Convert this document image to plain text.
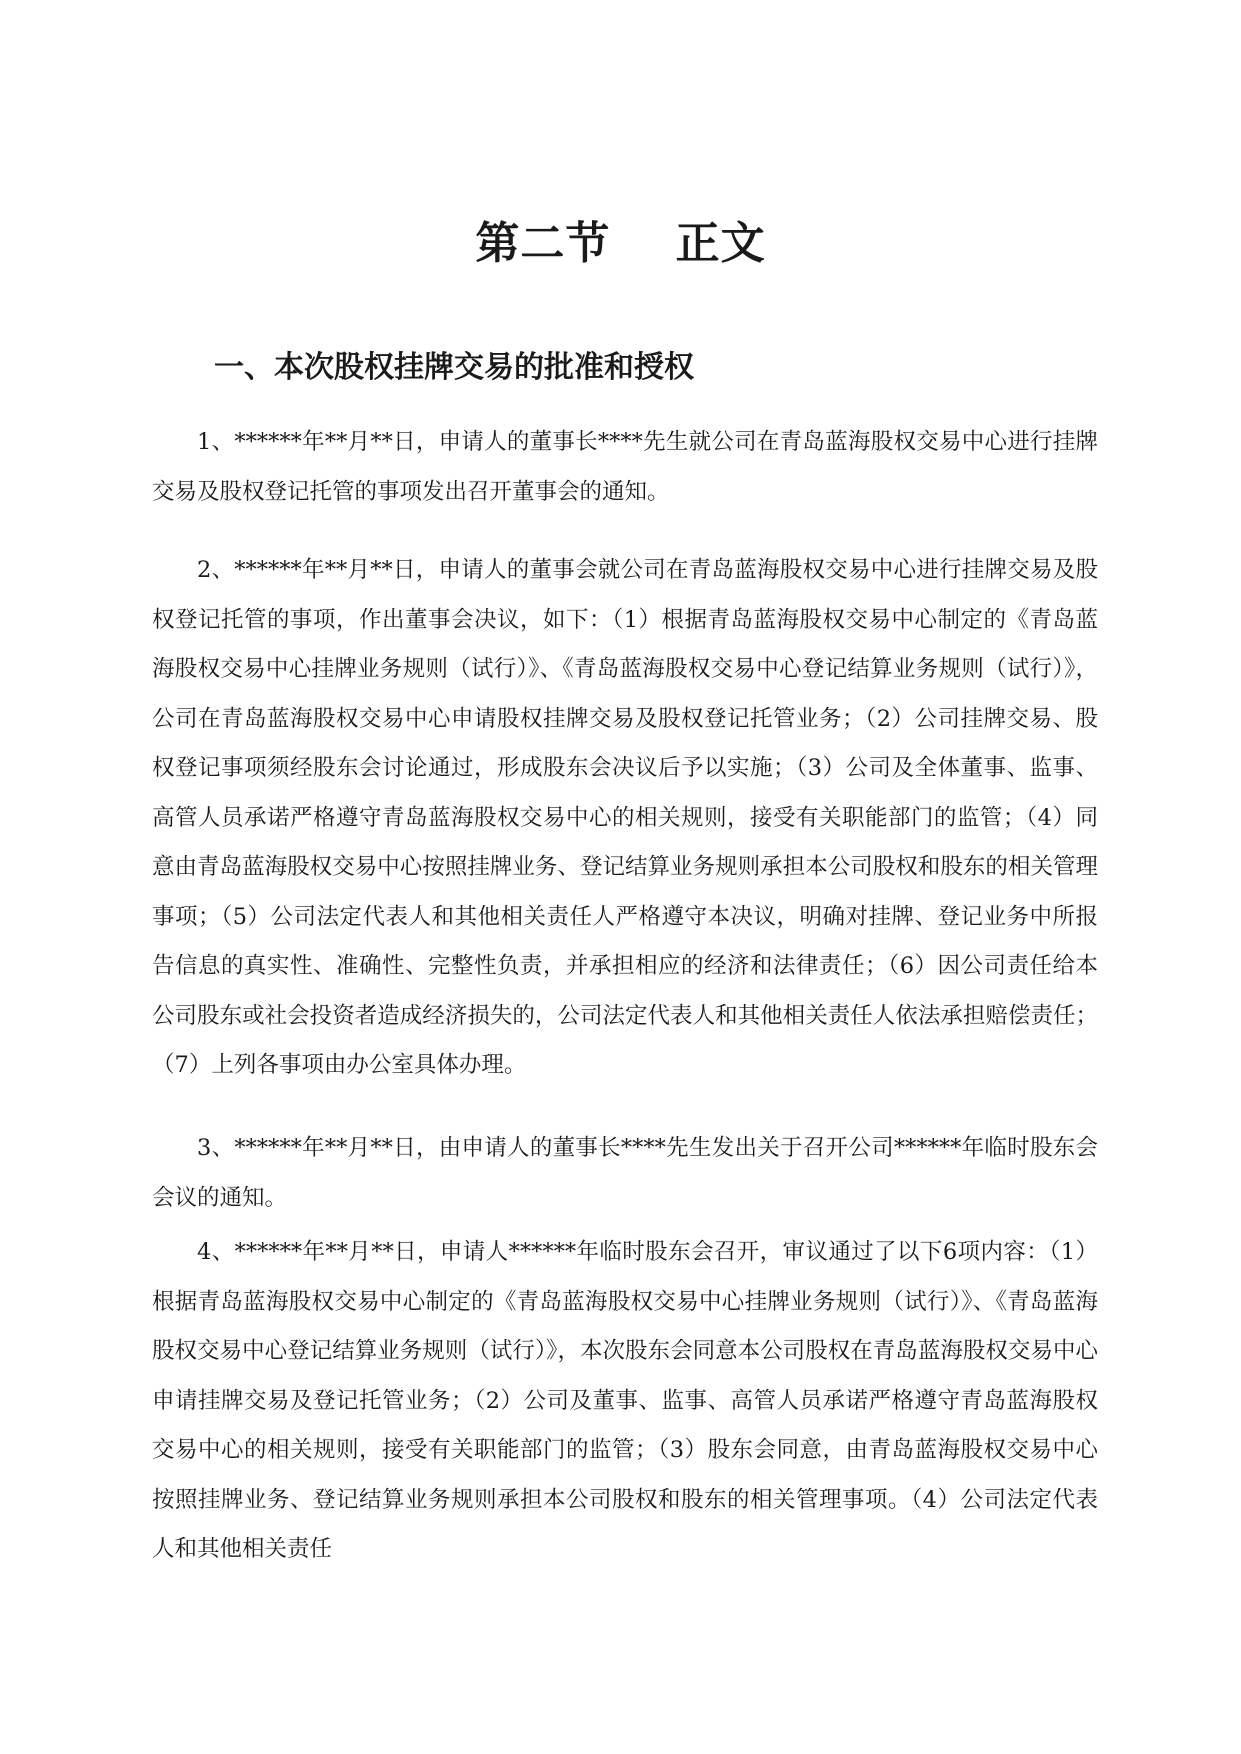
第二节    正文
一、本次股权挂牌交易的批准和授权

1、******年**月**日，申请人的董事长****先生就公司在青岛蓝海股权交易中心进行挂牌交易及股权登记托管的事项发出召开董事会的通知。

2、******年**月**日，申请人的董事会就公司在青岛蓝海股权交易中心进行挂牌交易及股权登记托管的事项，作出董事会决议，如下：（1）根据青岛蓝海股权交易中心制定的《青岛蓝海股权交易中心挂牌业务规则（试行）》、《青岛蓝海股权交易中心登记结算业务规则（试行）》，公司在青岛蓝海股权交易中心申请股权挂牌交易及股权登记托管业务；（2）公司挂牌交易、股权登记事项须经股东会讨论通过，形成股东会决议后予以实施；（3）公司及全体董事、监事、高管人员承诺严格遵守青岛蓝海股权交易中心的相关规则，接受有关职能部门的监管；（4）同意由青岛蓝海股权交易中心按照挂牌业务、登记结算业务规则承担本公司股权和股东的相关管理事项；（5）公司法定代表人和其他相关责任人严格遵守本决议，明确对挂牌、登记业务中所报告信息的真实性、准确性、完整性负责，并承担相应的经济和法律责任；（6）因公司责任给本公司股东或社会投资者造成经济损失的，公司法定代表人和其他相关责任人依法承担赔偿责任；（7）上列各事项由办公室具体办理。

3、******年**月**日，由申请人的董事长****先生发出关于召开公司******年临时股东会会议的通知。

4、******年**月**日，申请人******年临时股东会召开，审议通过了以下6项内容：（1）根据青岛蓝海股权交易中心制定的《青岛蓝海股权交易中心挂牌业务规则（试行）》、《青岛蓝海股权交易中心登记结算业务规则（试行）》，本次股东会同意本公司股权在青岛蓝海股权交易中心申请挂牌交易及登记托管业务；（2）公司及董事、监事、高管人员承诺严格遵守青岛蓝海股权交易中心的相关规则，接受有关职能部门的监管；（3）股东会同意，由青岛蓝海股权交易中心按照挂牌业务、登记结算业务规则承担本公司股权和股东的相关管理事项。（4）公司法定代表人和其他相关责任
